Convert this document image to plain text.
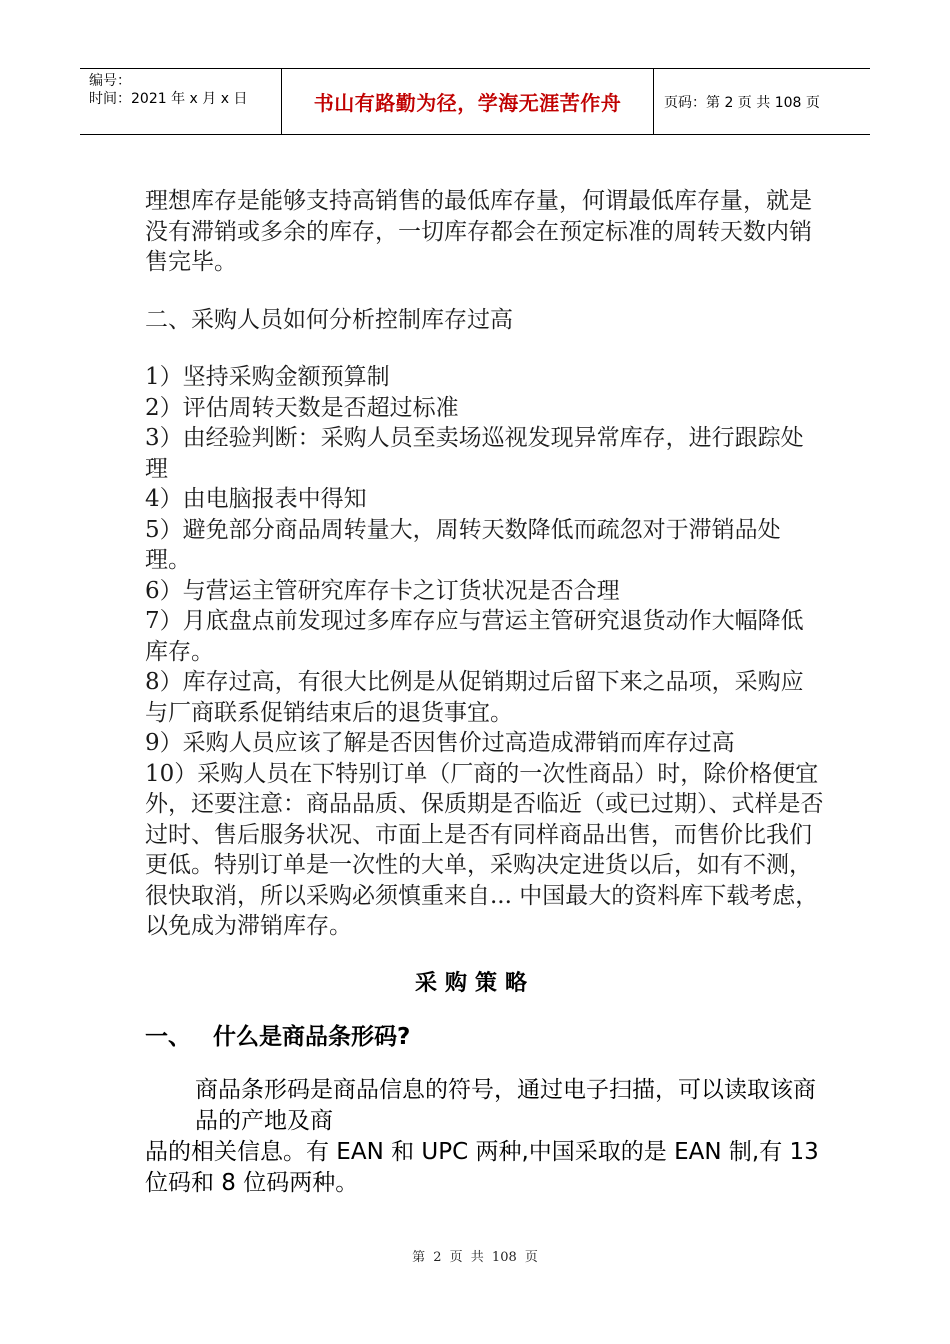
编号：
时间：2021 年 x 月 x 日	书山有路勤为径，学海无涯苦作舟	页码：第 2 页 共 108 页
理想库存是能够支持高销售的最低库存量，何谓最低库存量，就是没有滞销或多余的库存，一切库存都会在预定标准的周转天数内销售完毕。
二、采购人员如何分析控制库存过高
1）坚持采购金额预算制
2）评估周转天数是否超过标准
3）由经验判断：采购人员至卖场巡视发现异常库存，进行跟踪处理
4）由电脑报表中得知
5）避免部分商品周转量大，周转天数降低而疏忽对于滞销品处理。
6）与营运主管研究库存卡之订货状况是否合理
7）月底盘点前发现过多库存应与营运主管研究退货动作大幅降低库存。
8）库存过高，有很大比例是从促销期过后留下来之品项，采购应与厂商联系促销结束后的退货事宜。
9）采购人员应该了解是否因售价过高造成滞销而库存过高
10）采购人员在下特别订单（厂商的一次性商品）时，除价格便宜外，还要注意：商品品质、保质期是否临近（或已过期）、式样是否过时、售后服务状况、市面上是否有同样商品出售，而售价比我们更低。特别订单是一次性的大单，采购决定进货以后，如有不测，很快取消，所以采购必须慎重来自... 中国最大的资料库下载考虑，以免成为滞销库存。
采购策略
一、 什么是商品条形码?
商品条形码是商品信息的符号，通过电子扫描，可以读取该商品的产地及商
品的相关信息。有 EAN 和 UPC 两种,中国采取的是 EAN 制,有 13 位码和 8 位码两种。
第 2 页 共 108 页
